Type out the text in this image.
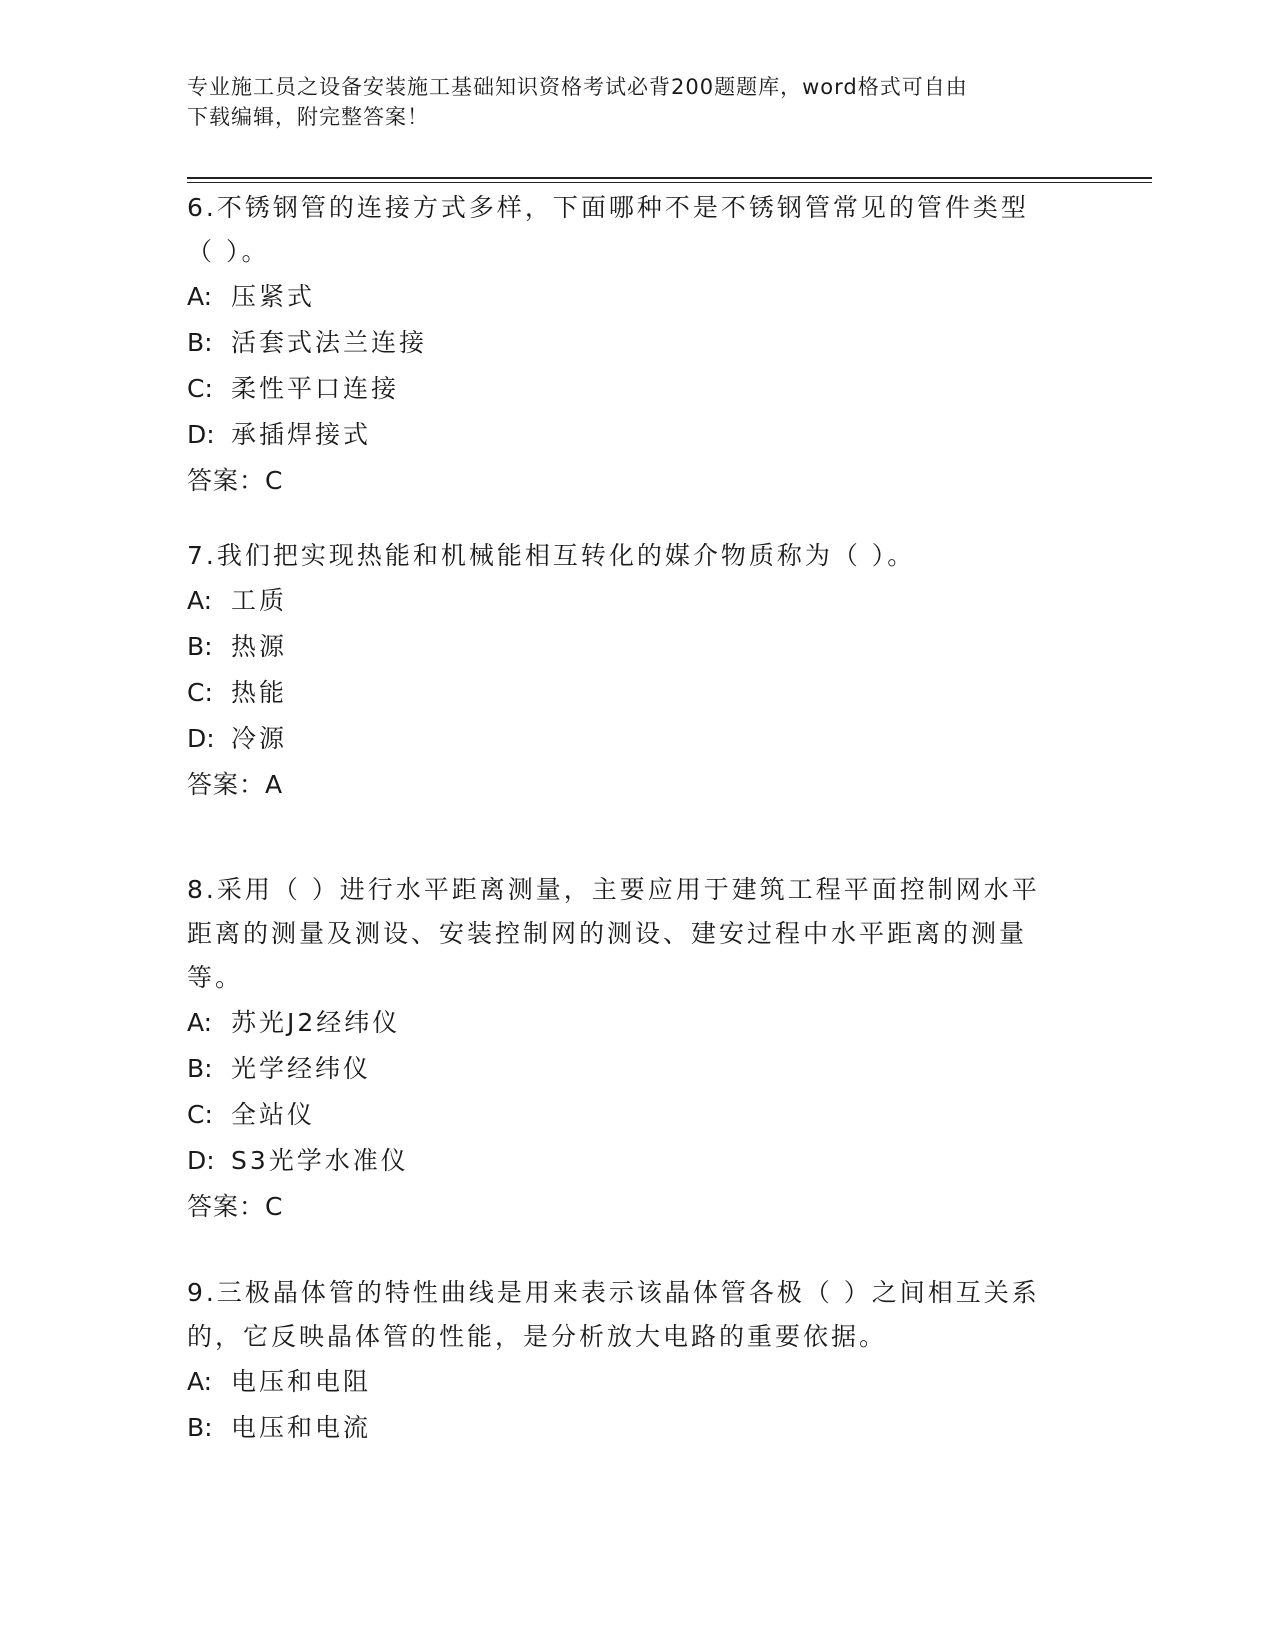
专业施工员之设备安装施工基础知识资格考试必背200题题库，word格式可自由
下载编辑，附完整答案！
6.不锈钢管的连接方式多样，下面哪种不是不锈钢管常见的管件类型
（ ）。
A: 压紧式
B: 活套式法兰连接
C: 柔性平口连接
D: 承插焊接式
答案：C
7.我们把实现热能和机械能相互转化的媒介物质称为（ ）。
A: 工质
B: 热源
C: 热能
D: 冷源
答案：A
8.采用（ ）进行水平距离测量，主要应用于建筑工程平面控制网水平
距离的测量及测设、安装控制网的测设、建安过程中水平距离的测量
等。
A: 苏光J2经纬仪
B: 光学经纬仪
C: 全站仪
D: S3光学水准仪
答案：C
9.三极晶体管的特性曲线是用来表示该晶体管各极（ ）之间相互关系
的，它反映晶体管的性能，是分析放大电路的重要依据。
A: 电压和电阻
B: 电压和电流
